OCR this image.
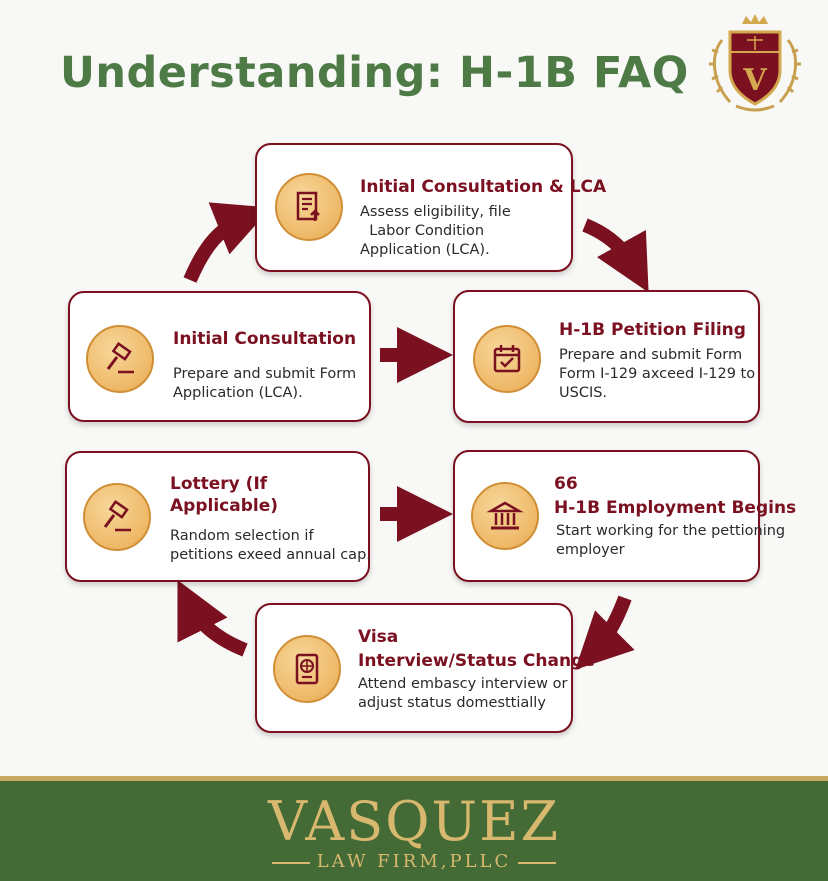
Understanding: H-1B FAQ V
Initial Consultation & LCA
Assess eligibility, file
Labor Condition
Application (LCA).
Initial Consultation
Prepare and submit Form
Application (LCA).
H-1B Petition Filing
Prepare and submit Form
Form I-129 axceed I-129 to
USCIS.
Lottery (If
Applicable)
Random selection if
petitions exeed annual cap.
66
H-1B Employment Begins
Start working for the pettioning
employer
Visa
Interview/Status Change
Attend embascy interview or
adjust status domesttially
VASQUEZ
LAW FIRM,PLLC
